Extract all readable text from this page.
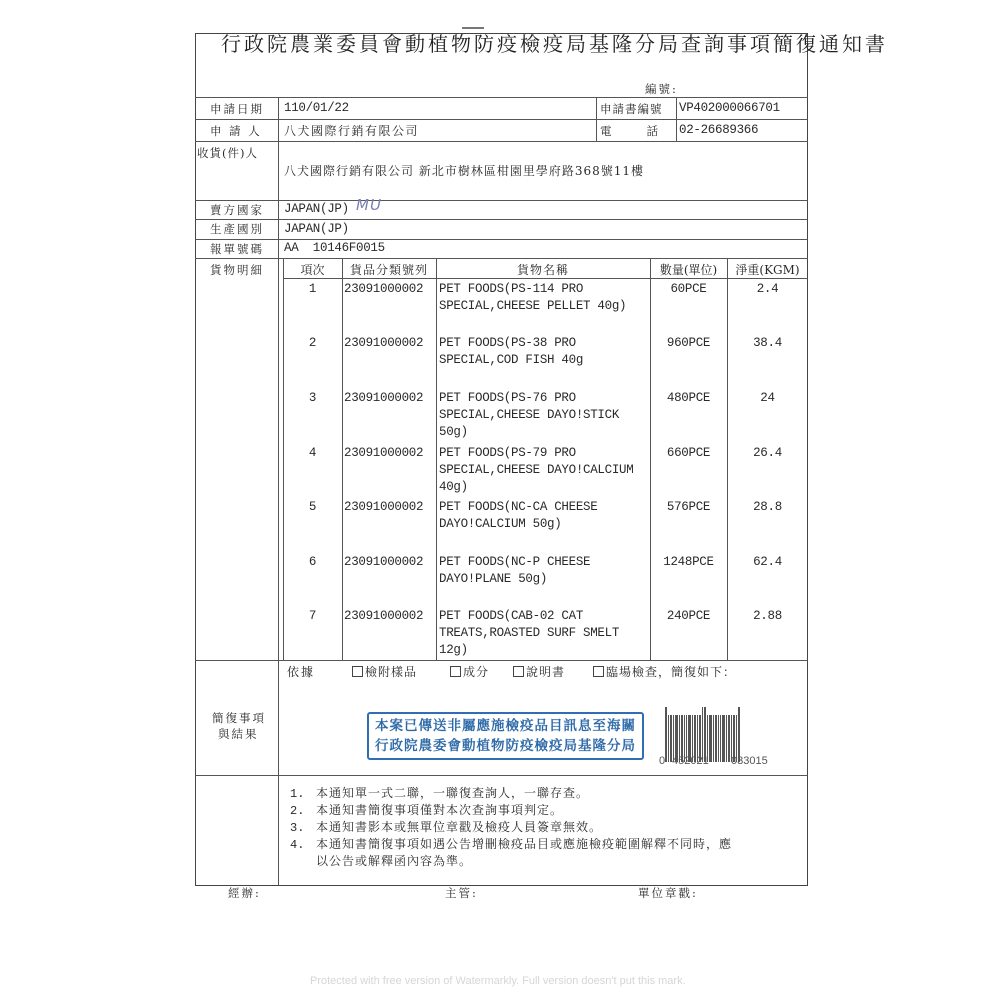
行政院農業委員會動植物防疫檢疫局基隆分局查詢事項簡復通知書
編號:
申請日期 110/01/22	申請書編號 VP402000066701
申 請 人 八犬國際行銷有限公司	電　　話 02-26689366
收貨(件)人
八犬國際行銷有限公司 新北市樹林區柑園里學府路368號11樓
賣方國家 JAPAN(JP) MU
生產國別 JAPAN(JP)
報單號碼 AA  10146F0015
貨物明細	項次	貨品分類號列	貨物名稱	數量(單位)	淨重(KGM)
1	23091000002 PET FOODS(PS-114 PRO
SPECIAL,CHEESE PELLET 40g)
60PCE	2.4
2	23091000002 PET FOODS(PS-38 PRO
SPECIAL,COD FISH 40g
960PCE	38.4
3	23091000002 PET FOODS(PS-76 PRO
SPECIAL,CHEESE DAYO!STICK
50g)
480PCE	24
4	23091000002 PET FOODS(PS-79 PRO
SPECIAL,CHEESE DAYO!CALCIUM
40g)
660PCE	26.4
5	23091000002 PET FOODS(NC-CA CHEESE
DAYO!CALCIUM 50g)
576PCE	28.8
6	23091000002 PET FOODS(NC-P CHEESE
DAYO!PLANE 50g)
1248PCE	62.4
7	23091000002 PET FOODS(CAB-02 CAT
TREATS,ROASTED SURF SMELT
12g)
240PCE	2.88
簡復事項
與結果
依據	檢附樣品	成分	說明書	臨場檢查，簡復如下：
本案已傳送非屬應施檢疫品目訊息至海關
行政院農委會動植物防疫檢疫局基隆分局
0 452021 033015
1. 本通知單一式二聯，一聯復查詢人，一聯存查。
2. 本通知書簡復事項僅對本次查詢事項判定。
3. 本通知書影本或無單位章戳及檢疫人員簽章無效。
4. 本通知書簡復事項如遇公告增刪檢疫品目或應施檢疫範圍解釋不同時，應
以公告或解釋函內容為準。
經辦:	主管:	單位章戳:
Protected with free version of Watermarkly. Full version doesn't put this mark.
